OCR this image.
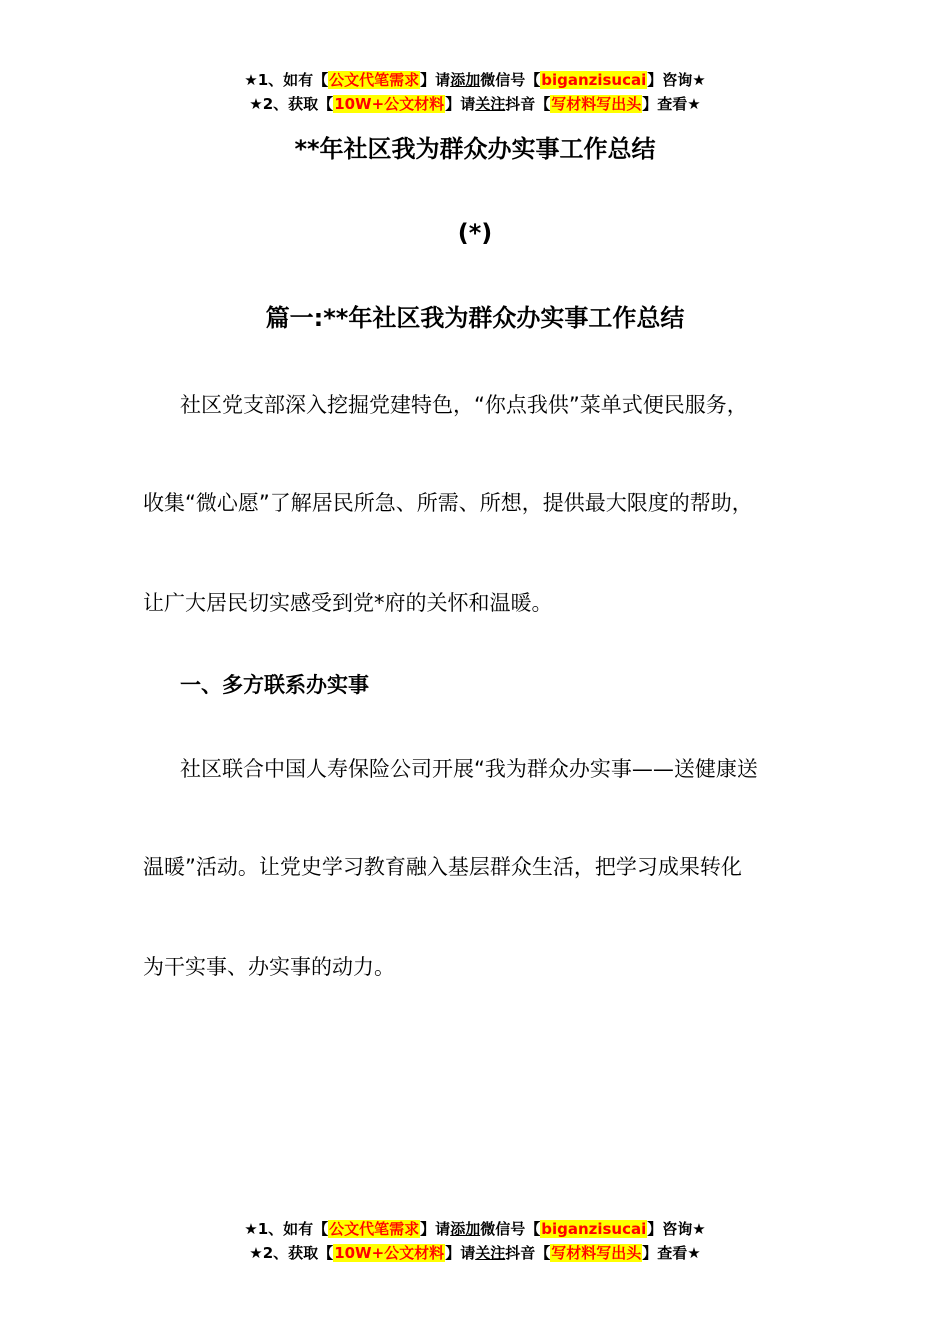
★1、如有【公文代笔需求】请添加微信号【biganzisucai】咨询★
★2、获取【10W+公文材料】请关注抖音【写材料写出头】查看★
**年社区我为群众办实事工作总结
(*)
篇一:**年社区我为群众办实事工作总结
社区党支部深入挖掘党建特色，“你点我供”菜单式便民服务，
收集“微心愿”了解居民所急、所需、所想，提供最大限度的帮助，
让广大居民切实感受到党*府的关怀和温暖。
一、多方联系办实事
社区联合中国人寿保险公司开展“我为群众办实事——送健康送
温暖”活动。让党史学习教育融入基层群众生活，把学习成果转化
为干实事、办实事的动力。
★1、如有【公文代笔需求】请添加微信号【biganzisucai】咨询★
★2、获取【10W+公文材料】请关注抖音【写材料写出头】查看★
